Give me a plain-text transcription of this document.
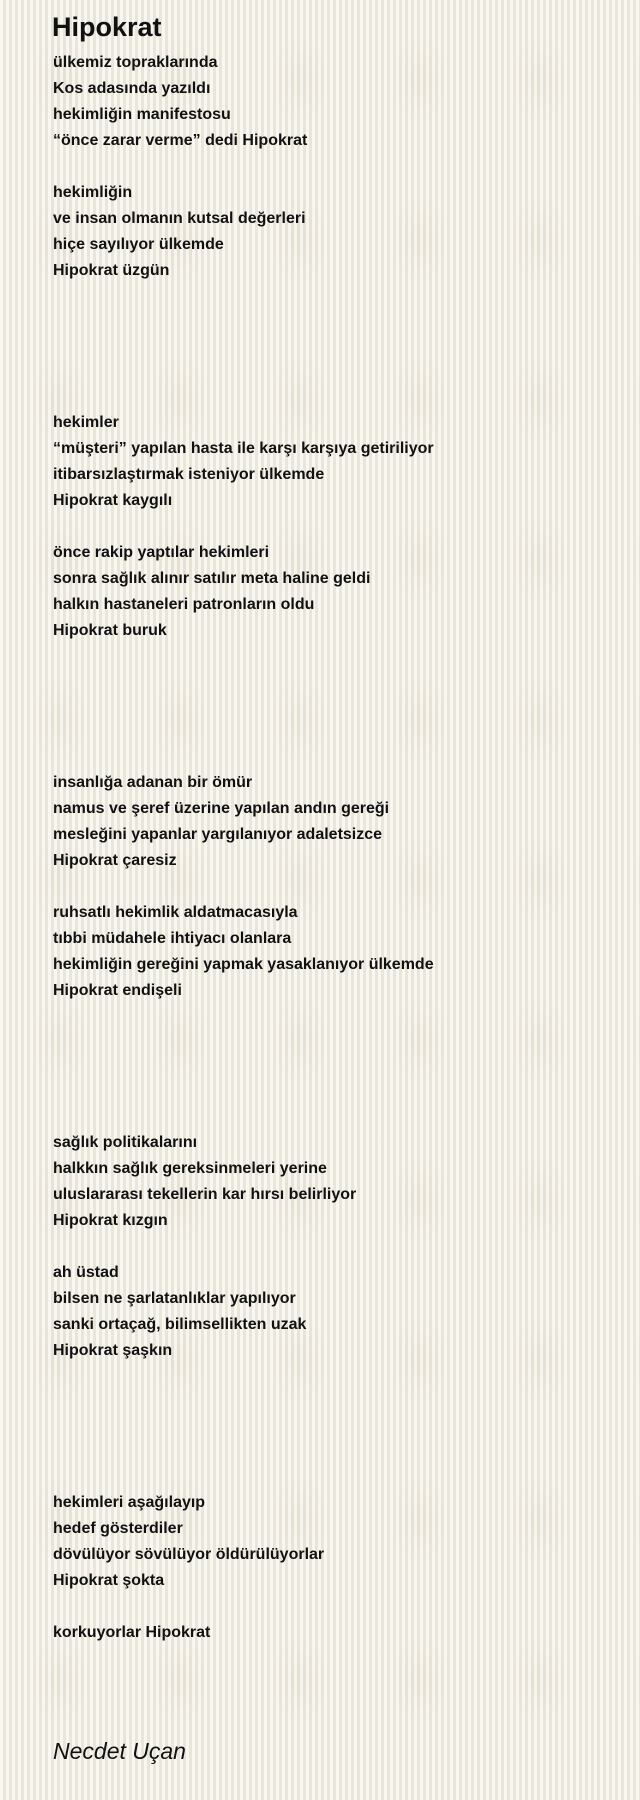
Hipokrat
ülkemiz topraklarında
Kos adasında yazıldı
hekimliğin manifestosu
“önce zarar verme” dedi Hipokrat
hekimliğin
ve insan olmanın kutsal değerleri
hiçe sayılıyor ülkemde
Hipokrat üzgün
hekimler
“müşteri” yapılan hasta ile karşı karşıya getiriliyor
itibarsızlaştırmak isteniyor ülkemde
Hipokrat kaygılı
önce rakip yaptılar hekimleri
sonra sağlık alınır satılır meta haline geldi
halkın hastaneleri patronların oldu
Hipokrat buruk
insanlığa adanan bir ömür
namus ve şeref üzerine yapılan andın gereği
mesleğini yapanlar yargılanıyor adaletsizce
Hipokrat çaresiz
ruhsatlı hekimlik aldatmacasıyla
tıbbi müdahele ihtiyacı olanlara
hekimliğin gereğini yapmak yasaklanıyor ülkemde
Hipokrat endişeli
sağlık politikalarını
halkkın sağlık gereksinmeleri yerine
uluslararası tekellerin kar hırsı belirliyor
Hipokrat kızgın
ah üstad
bilsen ne şarlatanlıklar yapılıyor
sanki ortaçağ, bilimsellikten uzak
Hipokrat şaşkın
hekimleri aşağılayıp
hedef gösterdiler
dövülüyor sövülüyor öldürülüyorlar
Hipokrat şokta
korkuyorlar Hipokrat
Necdet Uçan
